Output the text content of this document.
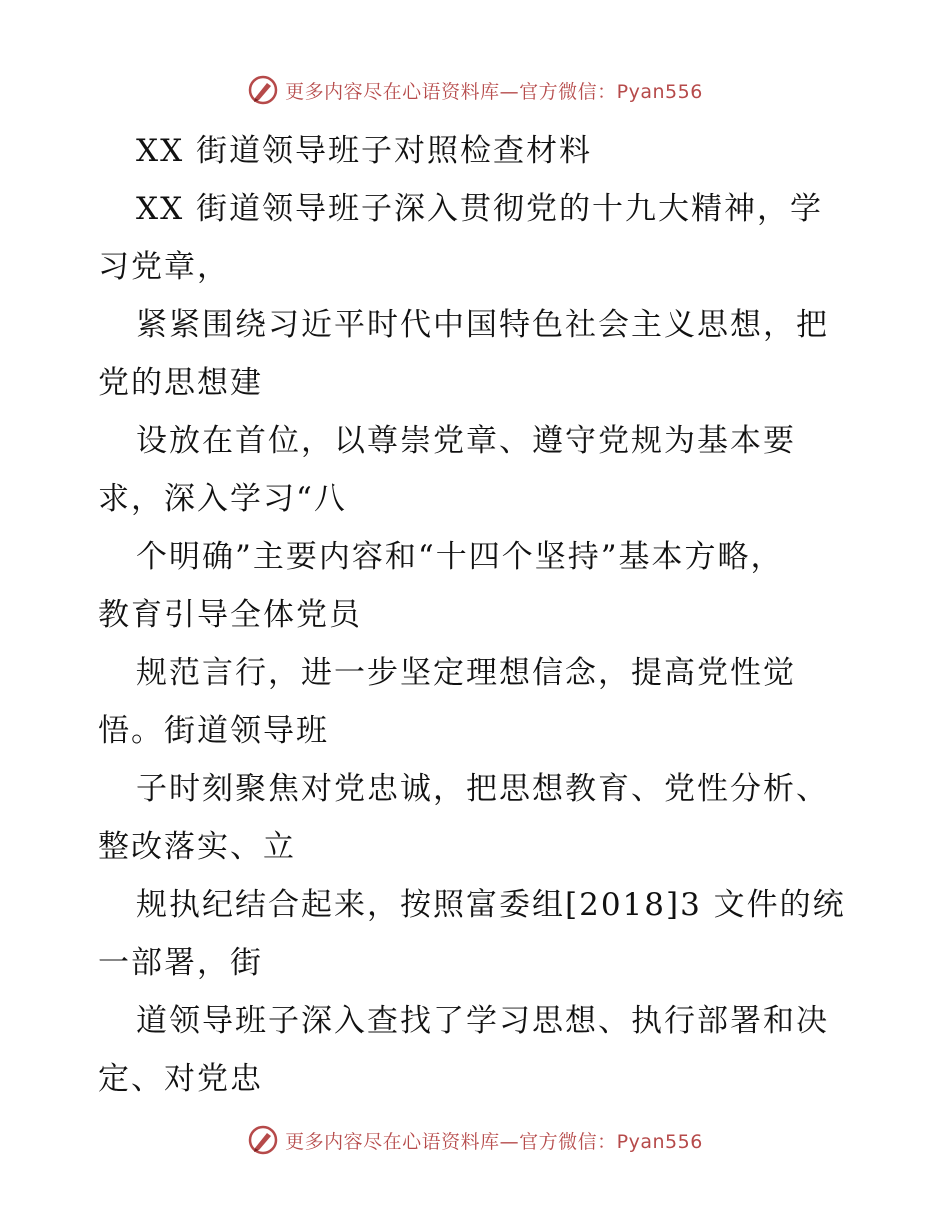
更多内容尽在心语资料库—官方微信：Pyan556
XX 街道领导班子对照检查材料
XX 街道领导班子深入贯彻党的十九大精神，学
习党章，
紧紧围绕习近平时代中国特色社会主义思想，把
党的思想建
设放在首位，以尊崇党章、遵守党规为基本要
求，深入学习“八
个明确”主要内容和“十四个坚持”基本方略，
教育引导全体党员
规范言行，进一步坚定理想信念，提高党性觉
悟。街道领导班
子时刻聚焦对党忠诚，把思想教育、党性分析、
整改落实、立
规执纪结合起来，按照富委组[2018]3 文件的统
一部署，街
道领导班子深入查找了学习思想、执行部署和决
定、对党忠
更多内容尽在心语资料库—官方微信：Pyan556
